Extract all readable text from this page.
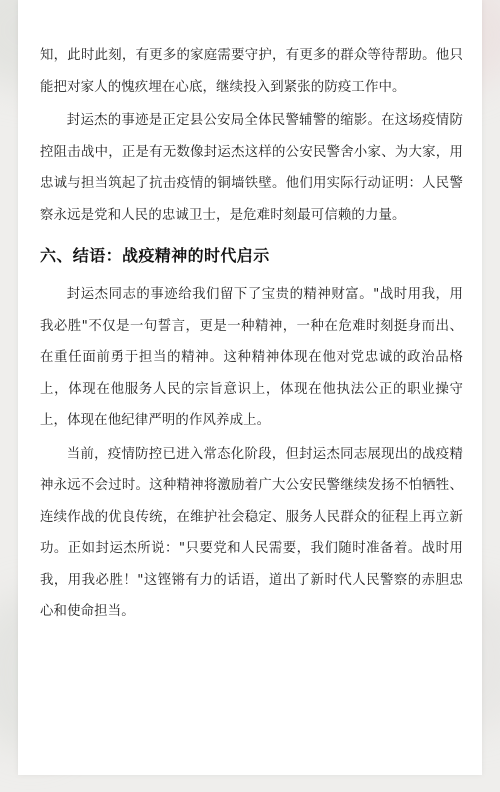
知，此时此刻，有更多的家庭需要守护，有更多的群众等待帮助。他只能把对家人的愧疚埋在心底，继续投入到紧张的防疫工作中。

封运杰的事迹是正定县公安局全体民警辅警的缩影。在这场疫情防控阻击战中，正是有无数像封运杰这样的公安民警舍小家、为大家，用忠诚与担当筑起了抗击疫情的铜墙铁壁。他们用实际行动证明：人民警察永远是党和人民的忠诚卫士，是危难时刻最可信赖的力量。

六、结语：战疫精神的时代启示

封运杰同志的事迹给我们留下了宝贵的精神财富。"战时用我，用我必胜"不仅是一句誓言，更是一种精神，一种在危难时刻挺身而出、在重任面前勇于担当的精神。这种精神体现在他对党忠诚的政治品格上，体现在他服务人民的宗旨意识上，体现在他执法公正的职业操守上，体现在他纪律严明的作风养成上。

当前，疫情防控已进入常态化阶段，但封运杰同志展现出的战疫精神永远不会过时。这种精神将激励着广大公安民警继续发扬不怕牺牲、连续作战的优良传统，在维护社会稳定、服务人民群众的征程上再立新功。正如封运杰所说："只要党和人民需要，我们随时准备着。战时用我，用我必胜！"这铿锵有力的话语，道出了新时代人民警察的赤胆忠心和使命担当。
